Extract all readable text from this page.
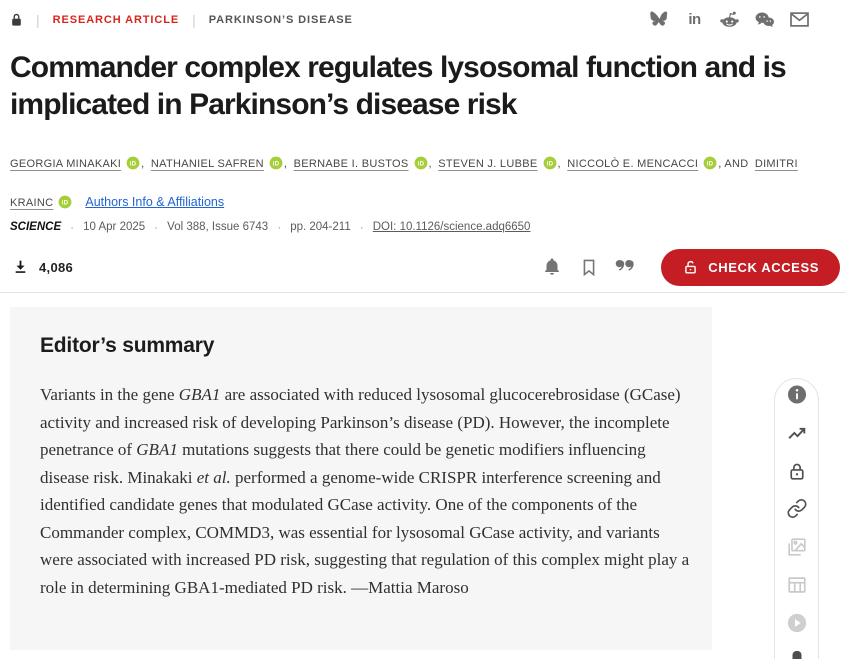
| RESEARCH ARTICLE | PARKINSON’S DISEASE	in
Commander complex regulates lysosomal function and is implicated in Parkinson’s disease risk

GEORGIA MINAKAKI iD , NATHANIEL SAFREN iD , BERNABE I. BUSTOS iD , STEVEN J. LUBBE iD , NICCOLÒ E. MENCACCI iD , AND DIMITRI KRAINC iD Authors Info & Affiliations

SCIENCE · 10 Apr 2025 · Vol 388, Issue 6743 · pp. 204-211 · DOI: 10.1126/science.adq6650
4,086	CHECK ACCESS
Editor’s summary

Variants in the gene GBA1 are associated with reduced lysosomal glucocerebrosidase (GCase) activity and increased risk of developing Parkinson’s disease (PD). However, the incomplete penetrance of GBA1 mutations suggests that there could be genetic modifiers influencing disease risk. Minakaki et al. performed a genome-wide CRISPR interference screening and identified candidate genes that modulated GCase activity. One of the components of the Commander complex, COMMD3, was essential for lysosomal GCase activity, and variants were associated with increased PD risk, suggesting that regulation of this complex might play a role in determining GBA1-mediated PD risk. —Mattia Maroso
